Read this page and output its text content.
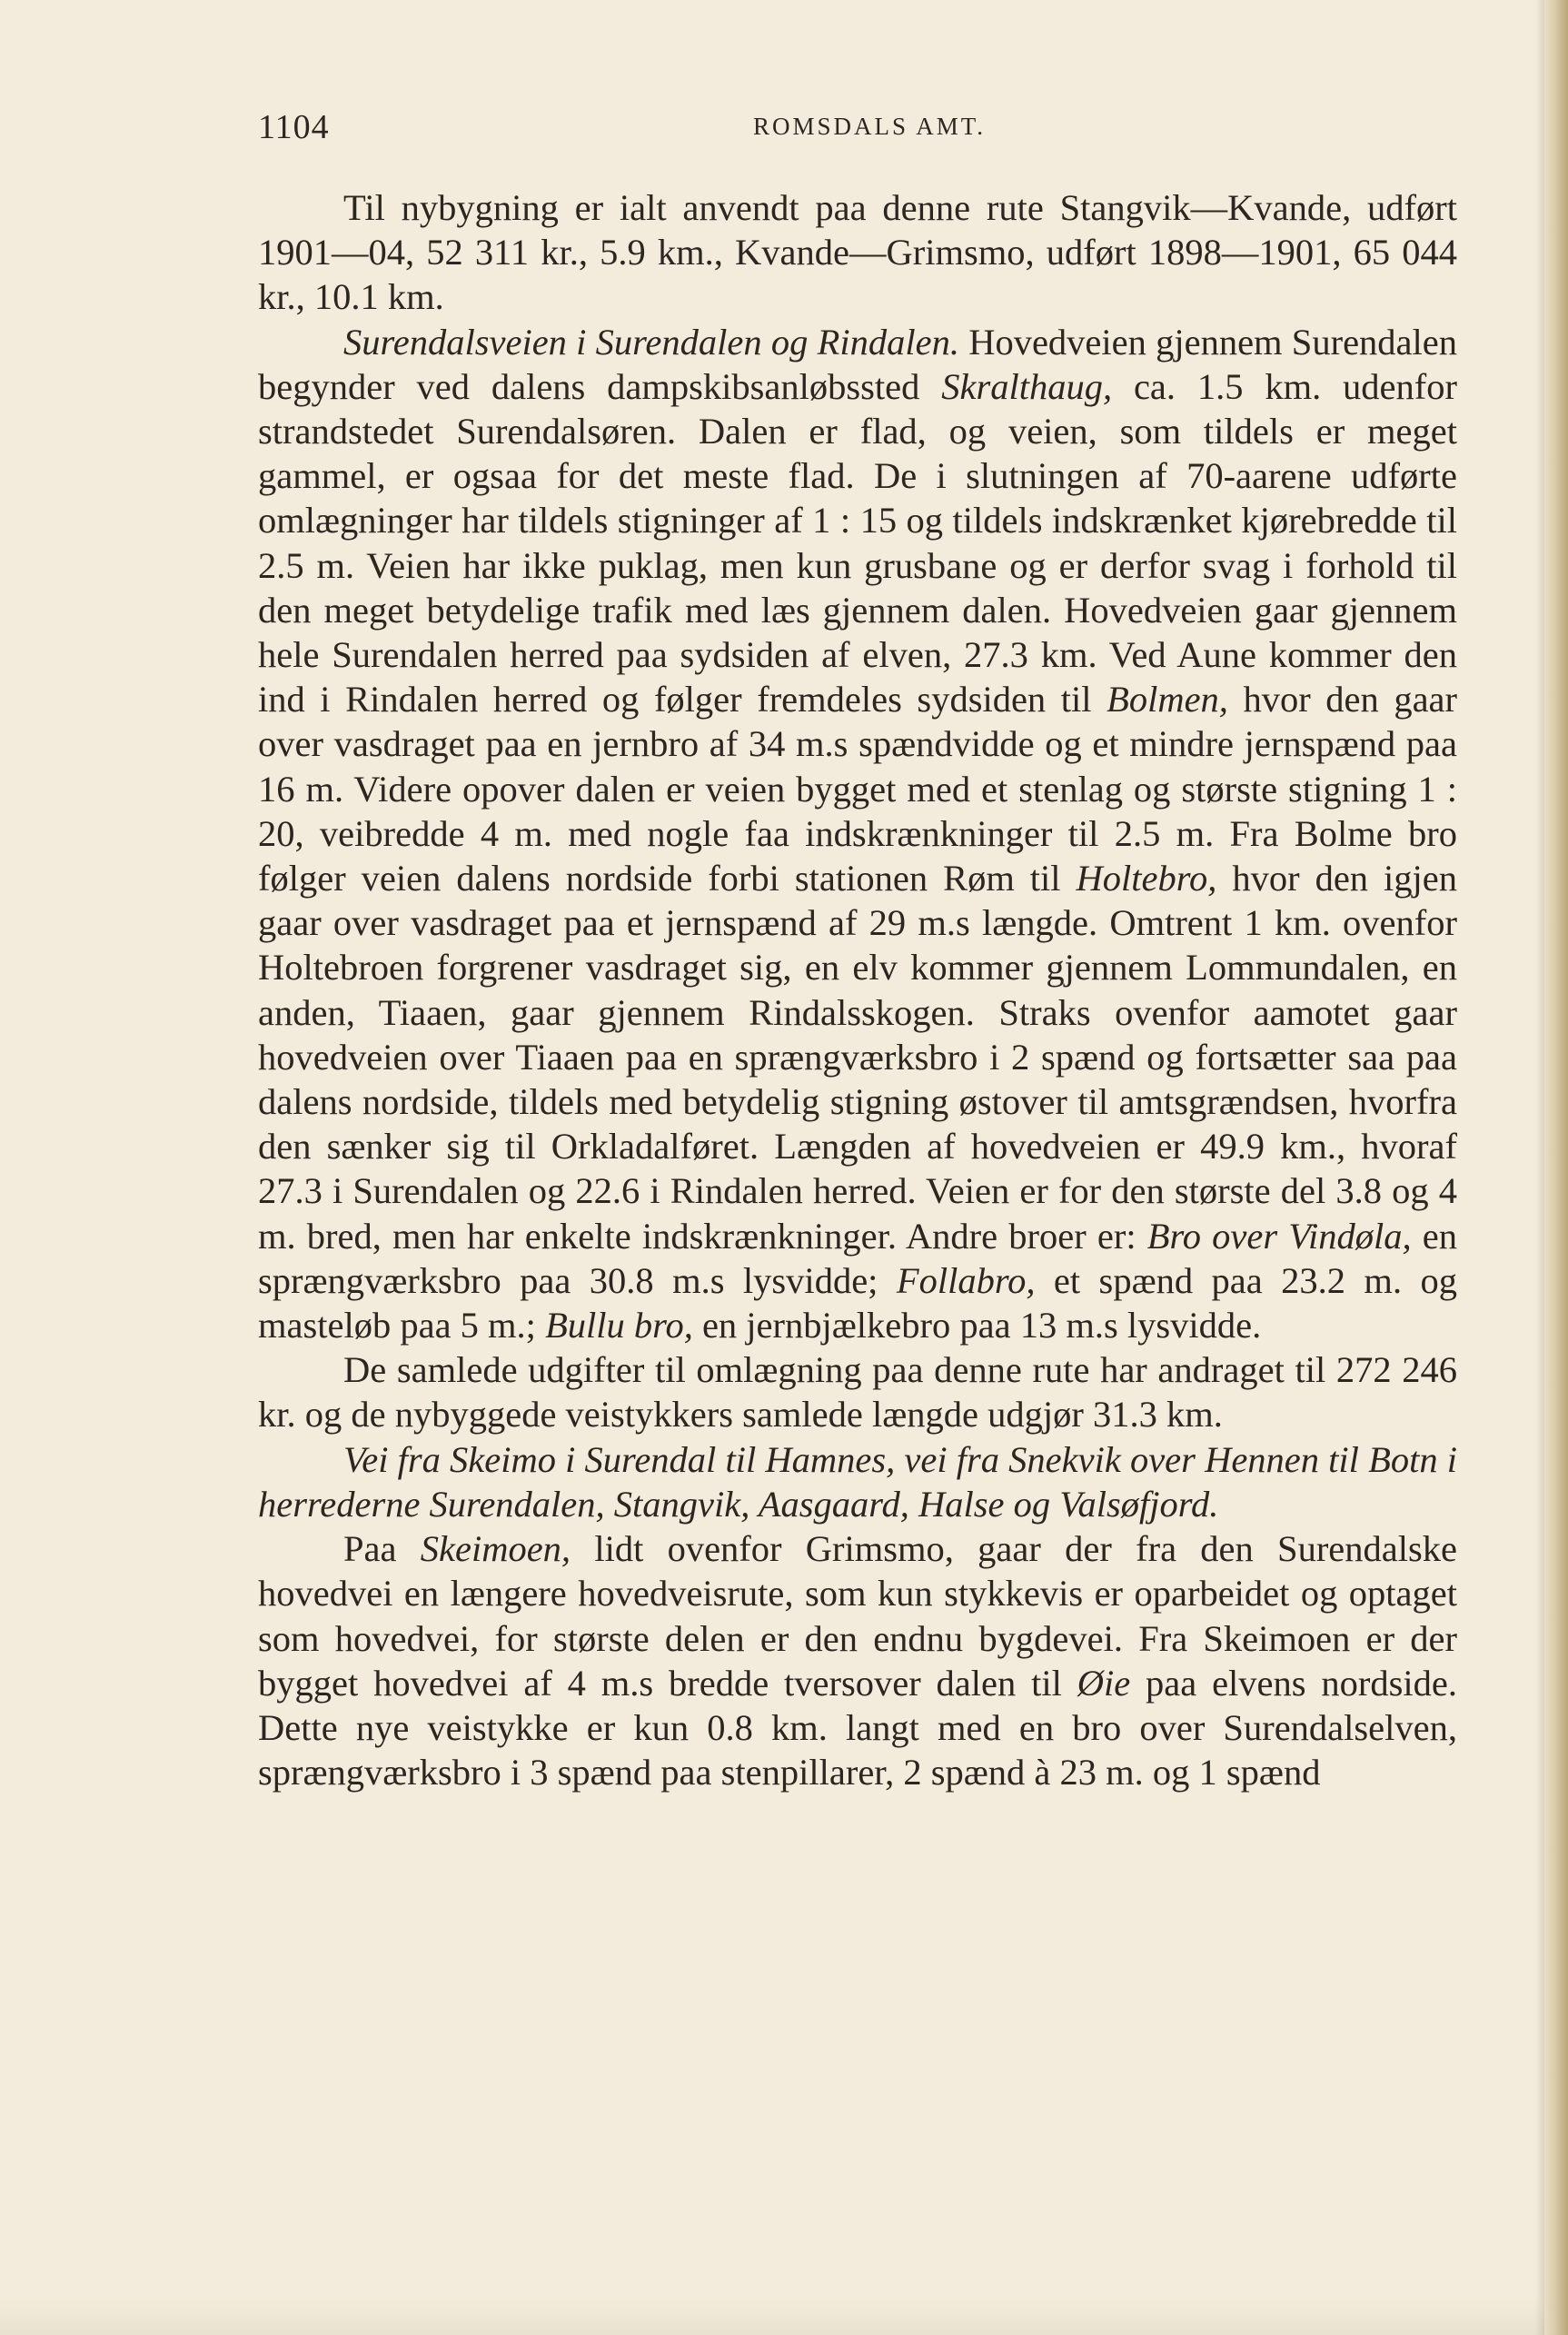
1104	ROMSDALS AMT.

Til nybygning er ialt anvendt paa denne rute Stangvik—Kvande, udført 1901—04, 52 311 kr., 5.9 km., Kvande—Grimsmo, udført 1898—1901, 65 044 kr., 10.1 km.

Surendalsveien i Surendalen og Rindalen. Hovedveien gjennem Surendalen begynder ved dalens dampskibsanløbssted Skralthaug, ca. 1.5 km. udenfor strandstedet Surendalsøren. Dalen er flad, og veien, som tildels er meget gammel, er ogsaa for det meste flad. De i slutningen af 70-aarene udførte omlægninger har tildels stigninger af 1 : 15 og tildels indskrænket kjørebredde til 2.5 m. Veien har ikke puklag, men kun grusbane og er derfor svag i forhold til den meget betydelige trafik med læs gjennem dalen. Hovedveien gaar gjennem hele Surendalen herred paa sydsiden af elven, 27.3 km. Ved Aune kommer den ind i Rindalen herred og følger fremdeles sydsiden til Bolmen, hvor den gaar over vasdraget paa en jernbro af 34 m.s spændvidde og et mindre jernspænd paa 16 m. Videre opover dalen er veien bygget med et stenlag og største stigning 1 : 20, veibredde 4 m. med nogle faa indskrænkninger til 2.5 m. Fra Bolme bro følger veien dalens nordside forbi stationen Røm til Holtebro, hvor den igjen gaar over vasdraget paa et jernspænd af 29 m.s længde. Omtrent 1 km. ovenfor Holtebroen forgrener vasdraget sig, en elv kommer gjennem Lommundalen, en anden, Tiaaen, gaar gjennem Rindalsskogen. Straks ovenfor aamotet gaar hovedveien over Tiaaen paa en sprængværksbro i 2 spænd og fortsætter saa paa dalens nordside, tildels med betydelig stigning østover til amtsgrændsen, hvorfra den sænker sig til Orkladalføret. Længden af hovedveien er 49.9 km., hvoraf 27.3 i Surendalen og 22.6 i Rindalen herred. Veien er for den største del 3.8 og 4 m. bred, men har enkelte indskrænkninger. Andre broer er: Bro over Vindøla, en sprængværksbro paa 30.8 m.s lysvidde; Follabro, et spænd paa 23.2 m. og masteløb paa 5 m.; Bullu bro, en jernbjælkebro paa 13 m.s lysvidde.

De samlede udgifter til omlægning paa denne rute har andraget til 272 246 kr. og de nybyggede veistykkers samlede længde udgjør 31.3 km.

Vei fra Skeimo i Surendal til Hamnes, vei fra Snekvik over Hennen til Botn i herrederne Surendalen, Stangvik, Aasgaard, Halse og Valsøfjord.

Paa Skeimoen, lidt ovenfor Grimsmo, gaar der fra den Surendalske hovedvei en længere hovedveisrute, som kun stykkevis er oparbeidet og optaget som hovedvei, for største delen er den endnu bygdevei. Fra Skeimoen er der bygget hovedvei af 4 m.s bredde tversover dalen til Øie paa elvens nordside. Dette nye veistykke er kun 0.8 km. langt med en bro over Surendalselven, sprængværksbro i 3 spænd paa stenpillarer, 2 spænd à 23 m. og 1 spænd
